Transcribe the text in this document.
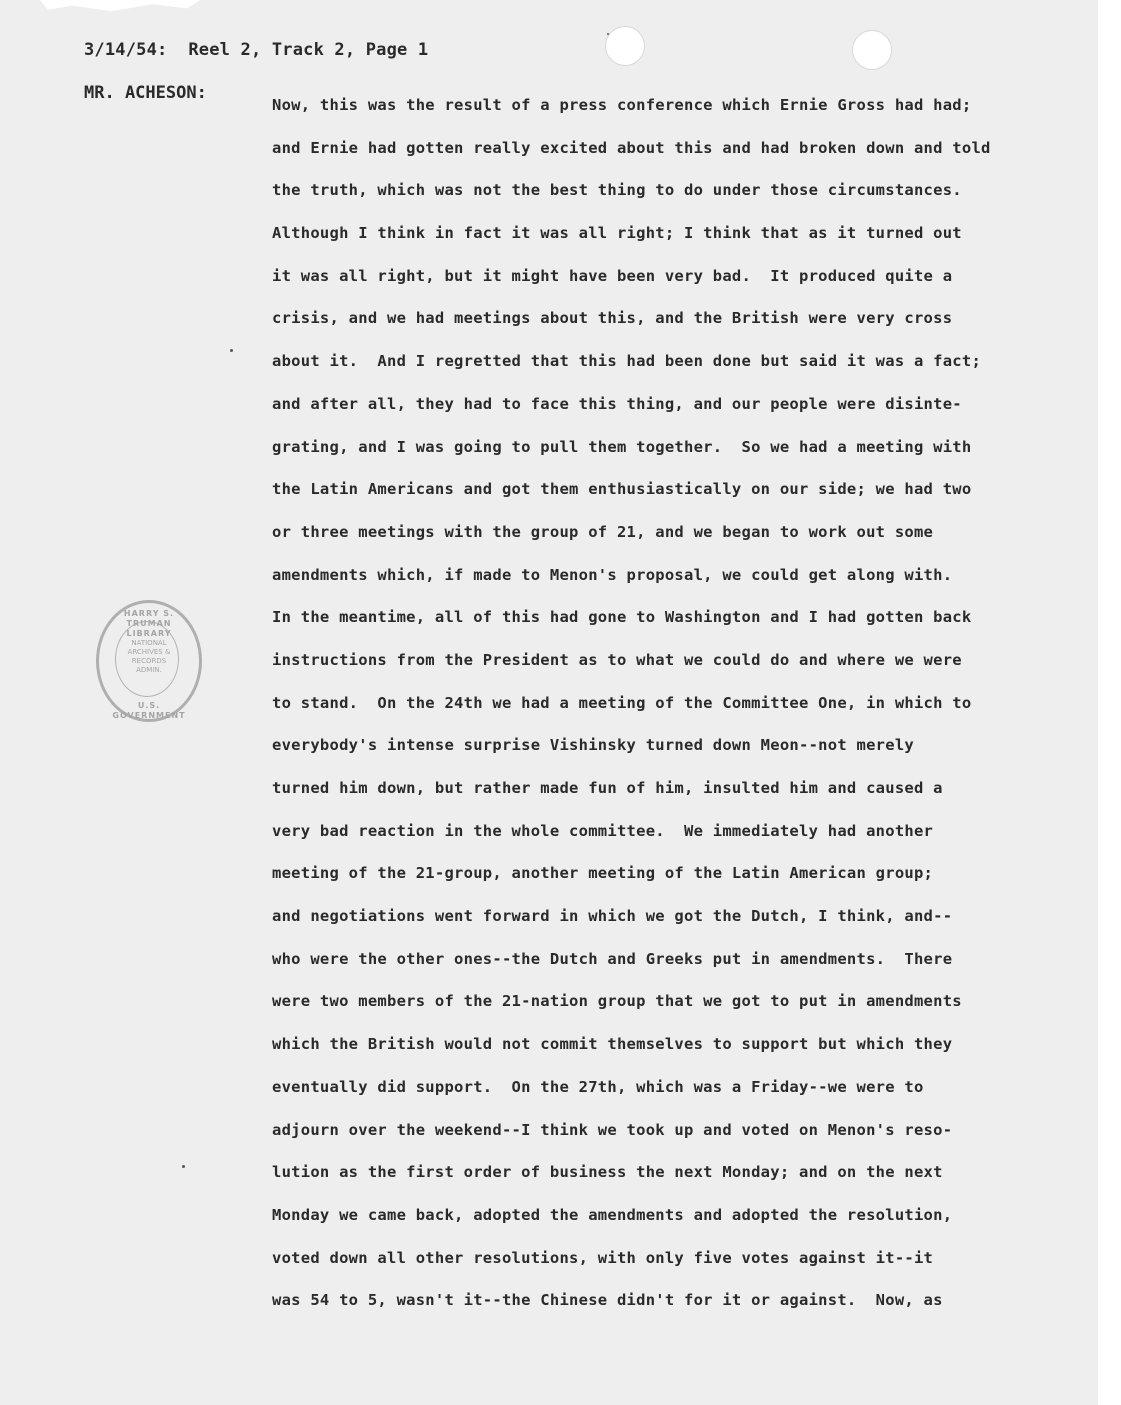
3/14/54:  Reel 2, Track 2, Page 1
MR. ACHESON:
HARRY S. TRUMAN LIBRARY
NATIONAL ARCHIVES & RECORDS ADMIN.
U.S. GOVERNMENT
Now, this was the result of a press conference which Ernie Gross had had;
and Ernie had gotten really excited about this and had broken down and told
the truth, which was not the best thing to do under those circumstances.
Although I think in fact it was all right; I think that as it turned out
it was all right, but it might have been very bad.  It produced quite a
crisis, and we had meetings about this, and the British were very cross
about it.  And I regretted that this had been done but said it was a fact;
and after all, they had to face this thing, and our people were disinte-
grating, and I was going to pull them together.  So we had a meeting with
the Latin Americans and got them enthusiastically on our side; we had two
or three meetings with the group of 21, and we began to work out some
amendments which, if made to Menon's proposal, we could get along with.
In the meantime, all of this had gone to Washington and I had gotten back
instructions from the President as to what we could do and where we were
to stand.  On the 24th we had a meeting of the Committee One, in which to
everybody's intense surprise Vishinsky turned down Meon--not merely
turned him down, but rather made fun of him, insulted him and caused a
very bad reaction in the whole committee.  We immediately had another
meeting of the 21-group, another meeting of the Latin American group;
and negotiations went forward in which we got the Dutch, I think, and--
who were the other ones--the Dutch and Greeks put in amendments.  There
were two members of the 21-nation group that we got to put in amendments
which the British would not commit themselves to support but which they
eventually did support.  On the 27th, which was a Friday--we were to
adjourn over the weekend--I think we took up and voted on Menon's reso-
lution as the first order of business the next Monday; and on the next
Monday we came back, adopted the amendments and adopted the resolution,
voted down all other resolutions, with only five votes against it--it
was 54 to 5, wasn't it--the Chinese didn't for it or against.  Now, as
